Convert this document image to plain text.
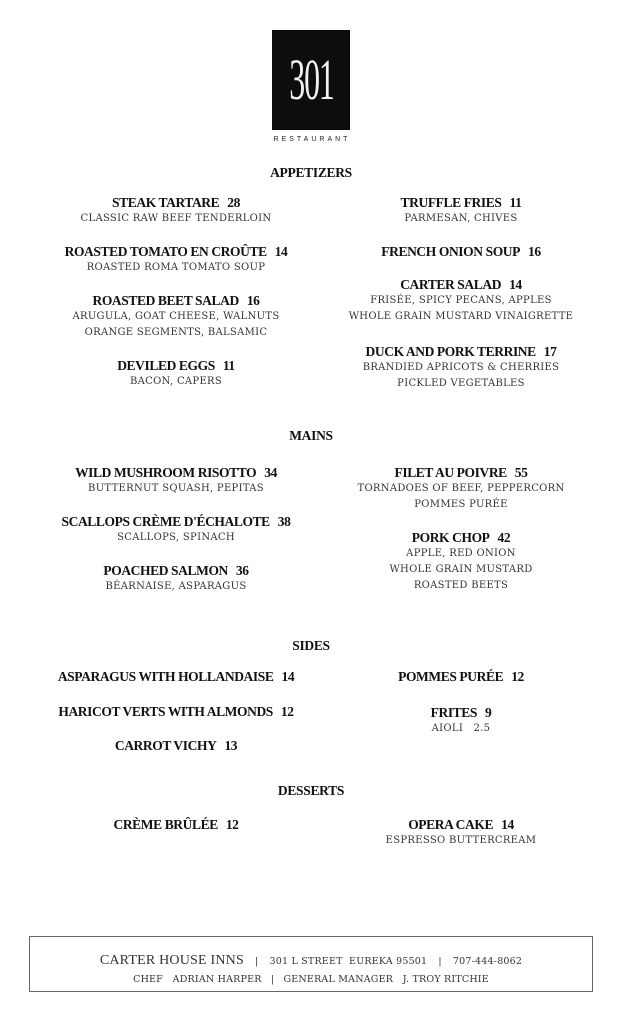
301
RESTAURANT
APPETIZERS
STEAK TARTARE 28
CLASSIC RAW BEEF TENDERLOIN
ROASTED TOMATO EN CROÛTE 14
ROASTED ROMA TOMATO SOUP
ROASTED BEET SALAD 16
ARUGULA, GOAT CHEESE, WALNUTS
ORANGE SEGMENTS, BALSAMIC
DEVILED EGGS 11
BACON, CAPERS
TRUFFLE FRIES 11
PARMESAN, CHIVES
FRENCH ONION SOUP 16
CARTER SALAD 14
FRISÉE, SPICY PECANS, APPLES
WHOLE GRAIN MUSTARD VINAIGRETTE
DUCK AND PORK TERRINE 17
BRANDIED APRICOTS & CHERRIES
PICKLED VEGETABLES
MAINS
WILD MUSHROOM RISOTTO 34
BUTTERNUT SQUASH, PEPITAS
SCALLOPS CRÈME D'ÉCHALOTE 38
SCALLOPS, SPINACH
POACHED SALMON 36
BÉARNAISE, ASPARAGUS
FILET AU POIVRE 55
TORNADOES OF BEEF, PEPPERCORN
POMMES PURÉE
PORK CHOP 42
APPLE, RED ONION
WHOLE GRAIN MUSTARD
ROASTED BEETS
SIDES
ASPARAGUS WITH HOLLANDAISE 14
HARICOT VERTS WITH ALMONDS 12
CARROT VICHY 13
POMMES PURÉE 12
FRITES 9
AIOLI   2.5
DESSERTS
CRÈME BRÛLÉE 12	OPERA CAKE 14
ESPRESSO BUTTERCREAM
CARTER HOUSE INNS | 301 L STREET  EUREKA 95501 | 707-444-8062
CHEF ADRIAN HARPER | GENERAL MANAGER J. TROY RITCHIE
